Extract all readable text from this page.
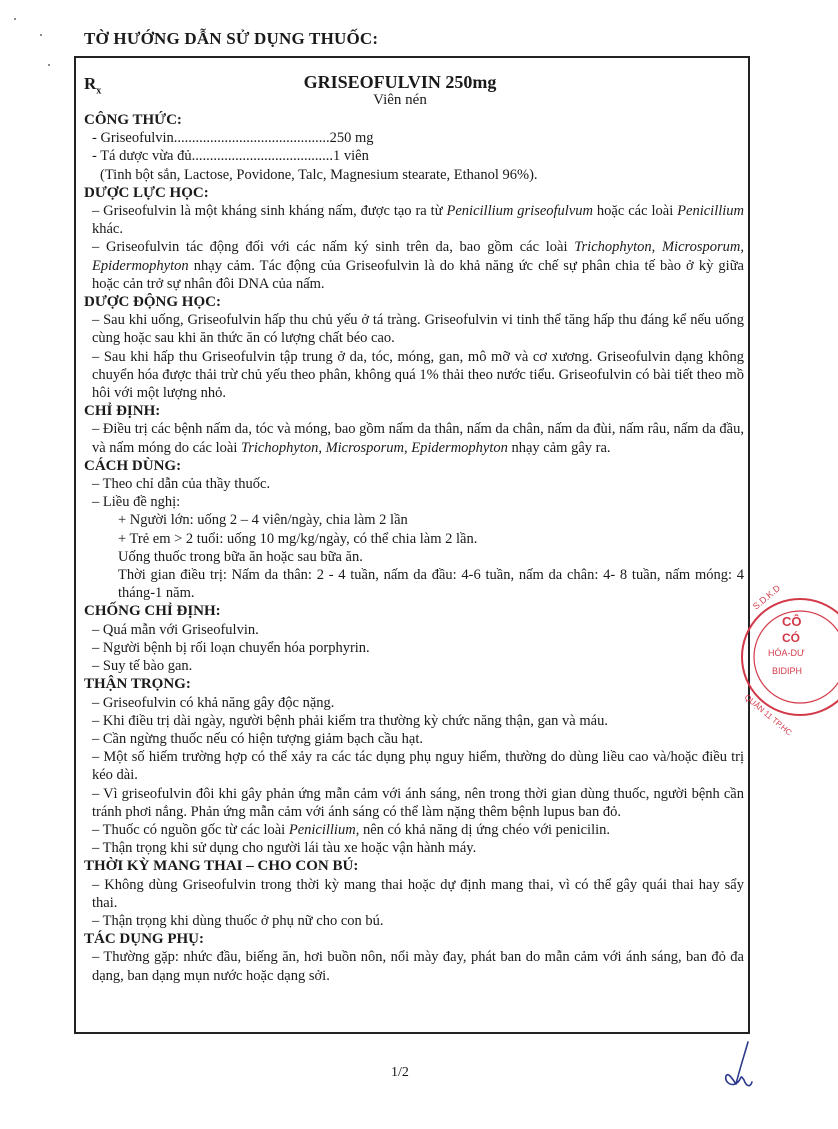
TỜ HƯỚNG DẪN SỬ DỤNG THUỐC:
$R_x$	GRISEOFULVIN 250mg
Viên nén

CÔNG THỨC:

- Griseofulvin ........................................... 250 mg
- Tá dược vừa đủ ....................................... 1 viên

(Tinh bột sắn, Lactose, Povidone, Talc, Magnesium stearate, Ethanol 96%).

DƯỢC LỰC HỌC:

– Griseofulvin là một kháng sinh kháng nấm, được tạo ra từ Penicillium griseofulvum hoặc các loài Penicillium khác.

– Griseofulvin tác động đối với các nấm ký sinh trên da, bao gồm các loài Trichophyton, Microsporum, Epidermophyton nhạy cảm. Tác động của Griseofulvin là do khả năng ức chế sự phân chia tế bào ở kỳ giữa hoặc cản trở sự nhân đôi DNA của nấm.

DƯỢC ĐỘNG HỌC:

– Sau khi uống, Griseofulvin hấp thu chủ yếu ở tá tràng. Griseofulvin vi tinh thể tăng hấp thu đáng kể nếu uống cùng hoặc sau khi ăn thức ăn có lượng chất béo cao.

– Sau khi hấp thu Griseofulvin tập trung ở da, tóc, móng, gan, mô mỡ và cơ xương. Griseofulvin dạng không chuyển hóa được thải trừ chủ yếu theo phân, không quá 1% thải theo nước tiểu. Griseofulvin có bài tiết theo mồ hôi với một lượng nhỏ.

CHỈ ĐỊNH:

– Điều trị các bệnh nấm da, tóc và móng, bao gồm nấm da thân, nấm da chân, nấm da đùi, nấm râu, nấm da đầu, và nấm móng do các loài Trichophyton, Microsporum, Epidermophyton nhạy cảm gây ra.

CÁCH DÙNG:

– Theo chỉ dẫn của thầy thuốc.

– Liều đề nghị:

+ Người lớn: uống 2 – 4 viên/ngày, chia làm 2 lần

+ Trẻ em > 2 tuổi: uống 10 mg/kg/ngày, có thể chia làm 2 lần.

Uống thuốc trong bữa ăn hoặc sau bữa ăn.

Thời gian điều trị: Nấm da thân: 2 - 4 tuần, nấm da đầu: 4-6 tuần, nấm da chân: 4- 8 tuần, nấm móng: 4 tháng-1 năm.

CHỐNG CHỈ ĐỊNH:

– Quá mẫn với Griseofulvin.

– Người bệnh bị rối loạn chuyển hóa porphyrin.

– Suy tế bào gan.

THẬN TRỌNG:

– Griseofulvin có khả năng gây độc nặng.

– Khi điều trị dài ngày, người bệnh phải kiểm tra thường kỳ chức năng thận, gan và máu.

– Cần ngừng thuốc nếu có hiện tượng giảm bạch cầu hạt.

– Một số hiếm trường hợp có thể xảy ra các tác dụng phụ nguy hiểm, thường do dùng liều cao và/hoặc điều trị kéo dài.

– Vì griseofulvin đôi khi gây phản ứng mẫn cảm với ánh sáng, nên trong thời gian dùng thuốc, người bệnh cần tránh phơi nắng. Phản ứng mẫn cảm với ánh sáng có thể làm nặng thêm bệnh lupus ban đỏ.

– Thuốc có nguồn gốc từ các loài Penicillium, nên có khả năng dị ứng chéo với penicilin.

– Thận trọng khi sử dụng cho người lái tàu xe hoặc vận hành máy.

THỜI KỲ MANG THAI – CHO CON BÚ:

– Không dùng Griseofulvin trong thời kỳ mang thai hoặc dự định mang thai, vì có thể gây quái thai hay sẩy thai.

– Thận trọng khi dùng thuốc ở phụ nữ cho con bú.

TÁC DỤNG PHỤ:

– Thường gặp: nhức đầu, biếng ăn, hơi buồn nôn, nổi mày đay, phát ban do mẫn cảm với ánh sáng, ban đỏ đa dạng, ban dạng mụn nước hoặc dạng sởi.

1/2
S.D.K.D
CÔ
CÓ
HÓA-DƯ
BIDIPH
QUẬN 11 TP.HC
